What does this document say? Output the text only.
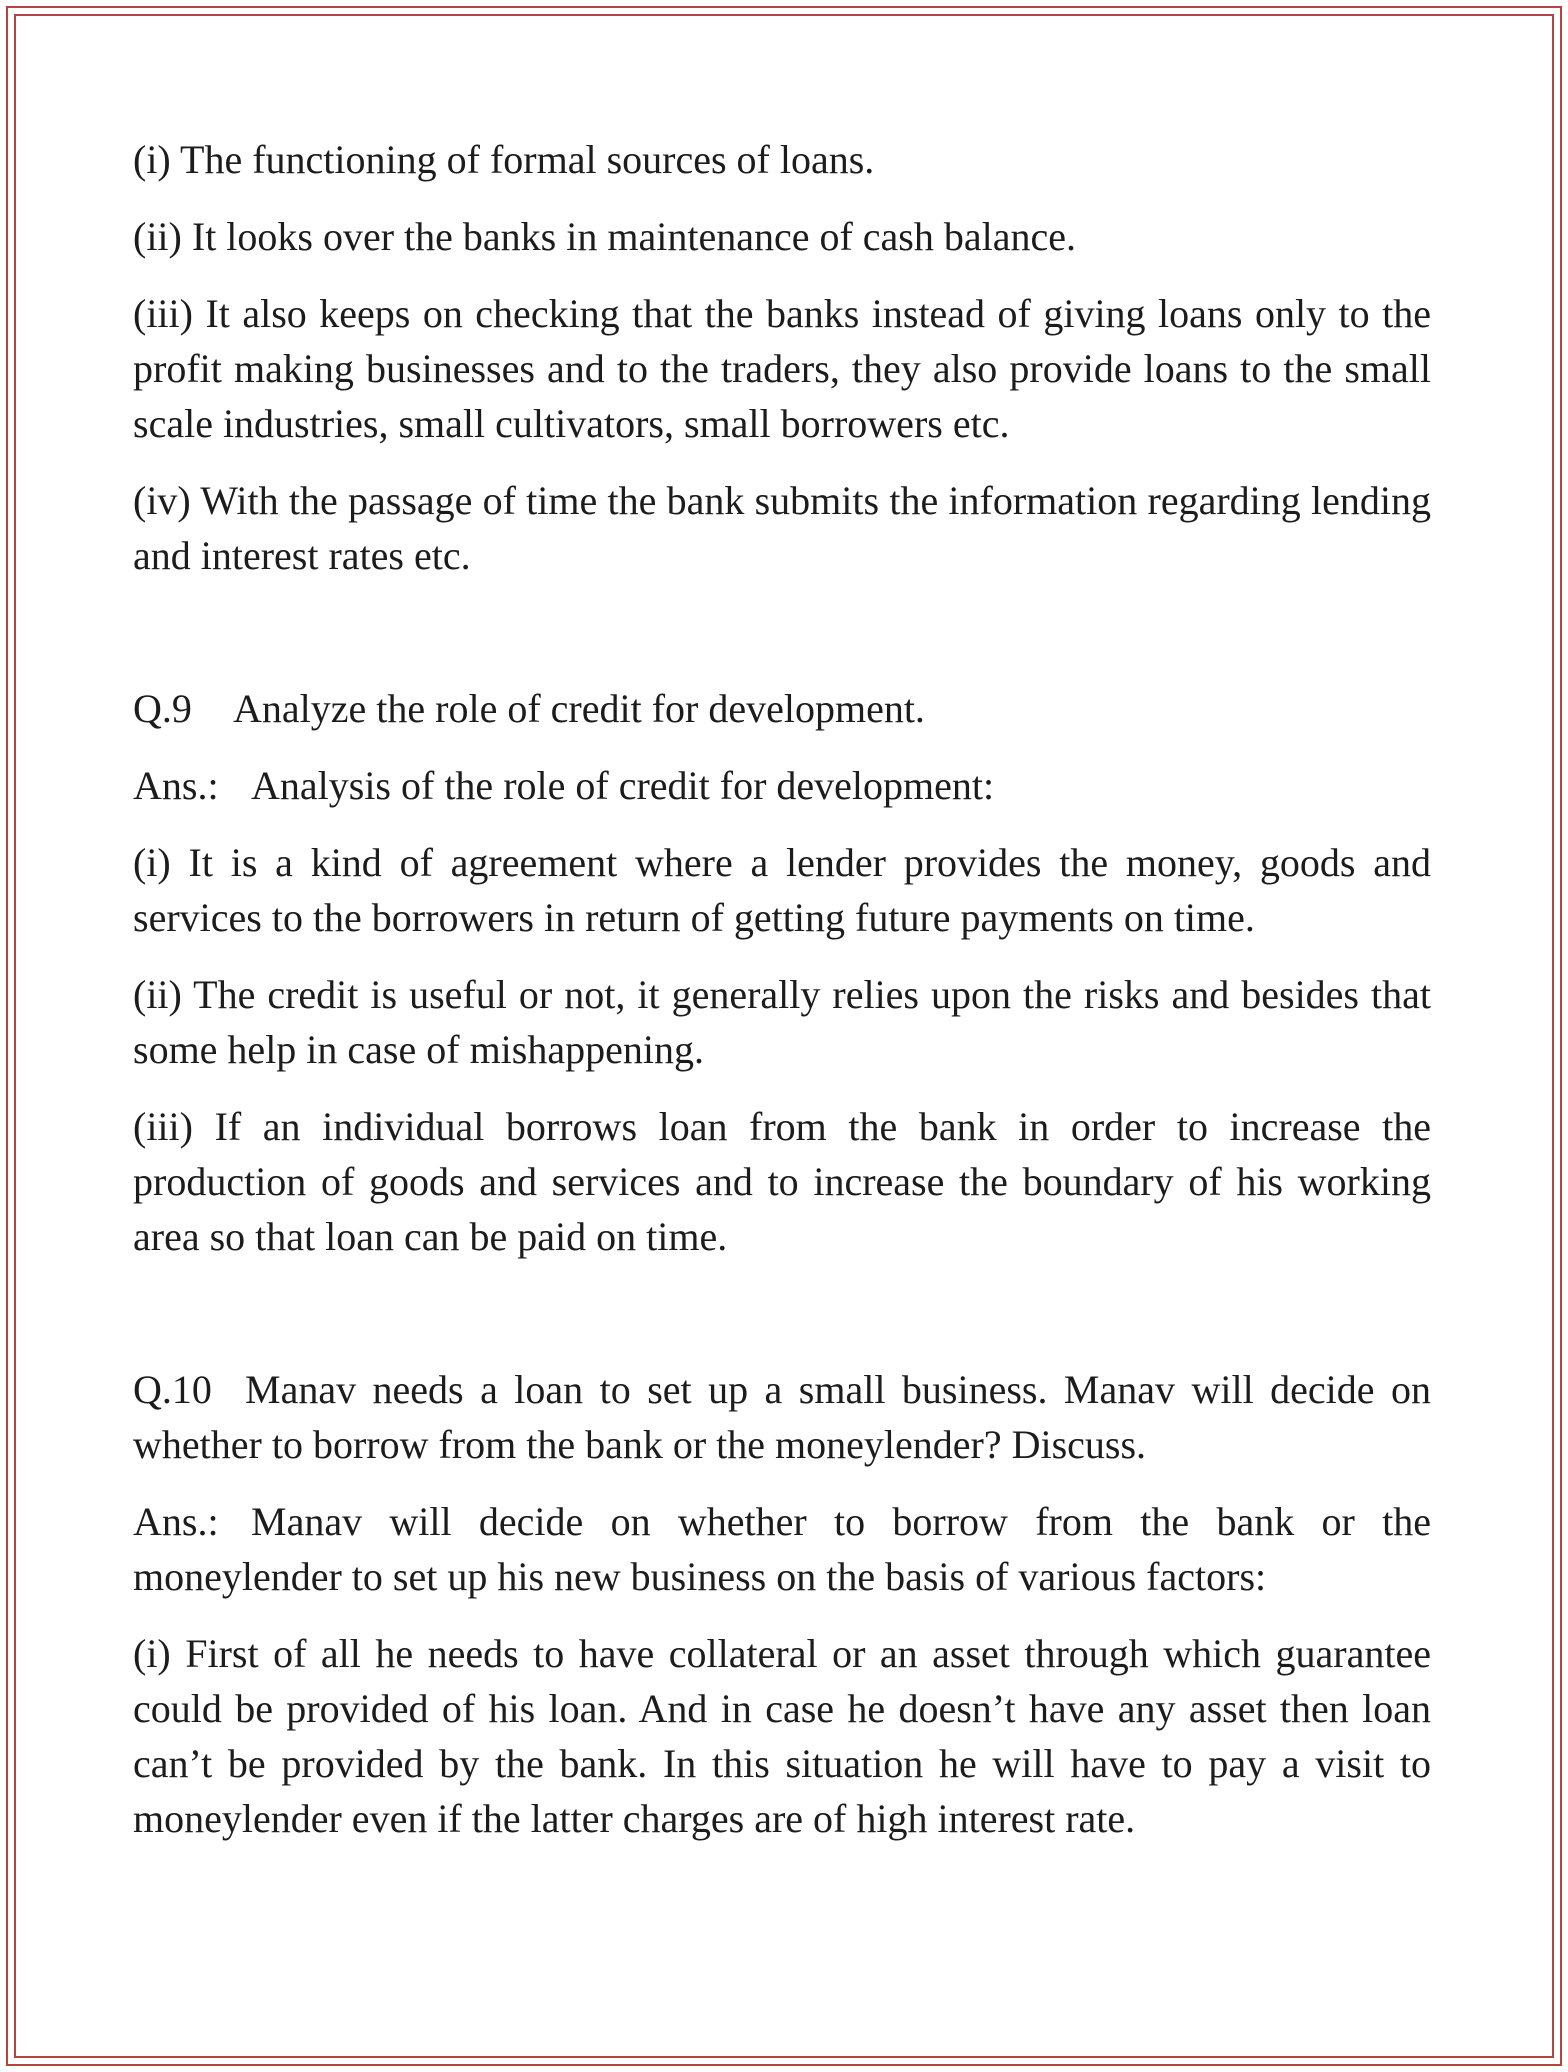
(i) The functioning of formal sources of loans.

(ii) It looks over the banks in maintenance of cash balance.

(iii) It also keeps on checking that the banks instead of giving loans only to the profit making businesses and to the traders, they also provide loans to the small scale industries, small cultivators, small borrowers etc.

(iv) With the passage of time the bank submits the information regarding lending and interest rates etc.

Q.9 Analyze the role of credit for development.

Ans.: Analysis of the role of credit for development:

(i) It is a kind of agreement where a lender provides the money, goods and services to the borrowers in return of getting future payments on time.

(ii) The credit is useful or not, it generally relies upon the risks and besides that some help in case of mishappening.

(iii) If an individual borrows loan from the bank in order to increase the production of goods and services and to increase the boundary of his working area so that loan can be paid on time.

Q.10 Manav needs a loan to set up a small business. Manav will decide on whether to borrow from the bank or the moneylender? Discuss.

Ans.: Manav will decide on whether to borrow from the bank or the moneylender to set up his new business on the basis of various factors:

(i) First of all he needs to have collateral or an asset through which guarantee could be provided of his loan. And in case he doesn’t have any asset then loan can’t be provided by the bank. In this situation he will have to pay a visit to moneylender even if the latter charges are of high interest rate.
